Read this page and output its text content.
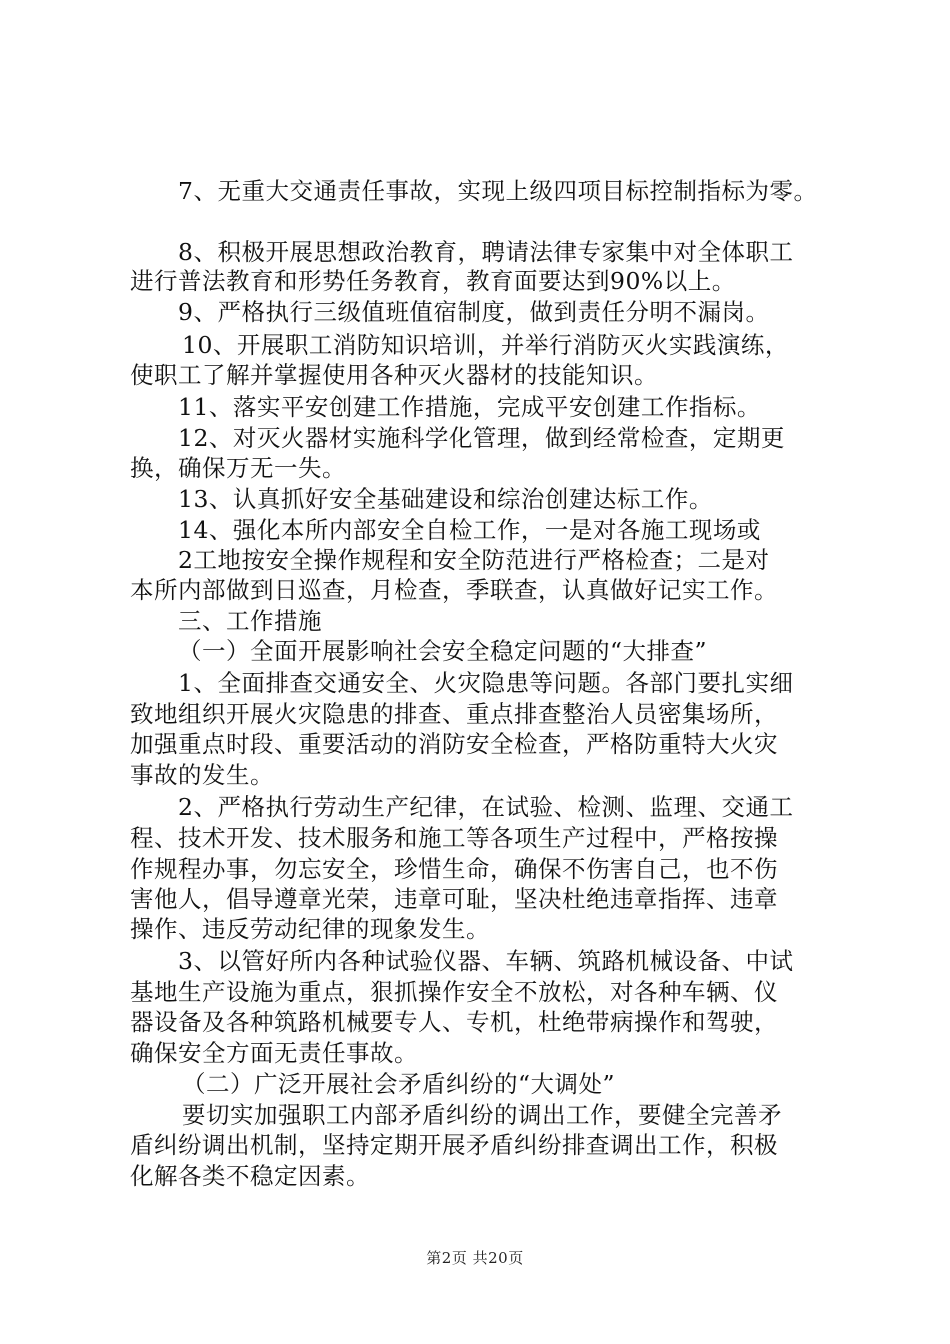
7、无重大交通责任事故，实现上级四项目标控制指标为零。
8、积极开展思想政治教育，聘请法律专家集中对全体职工
进行普法教育和形势任务教育，教育面要达到90%以上。
9、严格执行三级值班值宿制度，做到责任分明不漏岗。
10、开展职工消防知识培训，并举行消防灭火实践演练，
使职工了解并掌握使用各种灭火器材的技能知识。
11、落实平安创建工作措施，完成平安创建工作指标。
12、对灭火器材实施科学化管理，做到经常检查，定期更
换，确保万无一失。
13、认真抓好安全基础建设和综治创建达标工作。
14、强化本所内部安全自检工作，一是对各施工现场或
2工地按安全操作规程和安全防范进行严格检查；二是对
本所内部做到日巡查，月检查，季联查，认真做好记实工作。
三、工作措施
（一）全面开展影响社会安全稳定问题的“大排查”
1、全面排查交通安全、火灾隐患等问题。各部门要扎实细
致地组织开展火灾隐患的排查、重点排查整治人员密集场所，
加强重点时段、重要活动的消防安全检查，严格防重特大火灾
事故的发生。
2、严格执行劳动生产纪律，在试验、检测、监理、交通工
程、技术开发、技术服务和施工等各项生产过程中，严格按操
作规程办事，勿忘安全，珍惜生命，确保不伤害自己，也不伤
害他人，倡导遵章光荣，违章可耻，坚决杜绝违章指挥、违章
操作、违反劳动纪律的现象发生。
3、以管好所内各种试验仪器、车辆、筑路机械设备、中试
基地生产设施为重点，狠抓操作安全不放松，对各种车辆、仪
器设备及各种筑路机械要专人、专机，杜绝带病操作和驾驶，
确保安全方面无责任事故。
（二）广泛开展社会矛盾纠纷的“大调处”
要切实加强职工内部矛盾纠纷的调出工作，要健全完善矛
盾纠纷调出机制，坚持定期开展矛盾纠纷排查调出工作，积极
化解各类不稳定因素。
第2页 共20页
